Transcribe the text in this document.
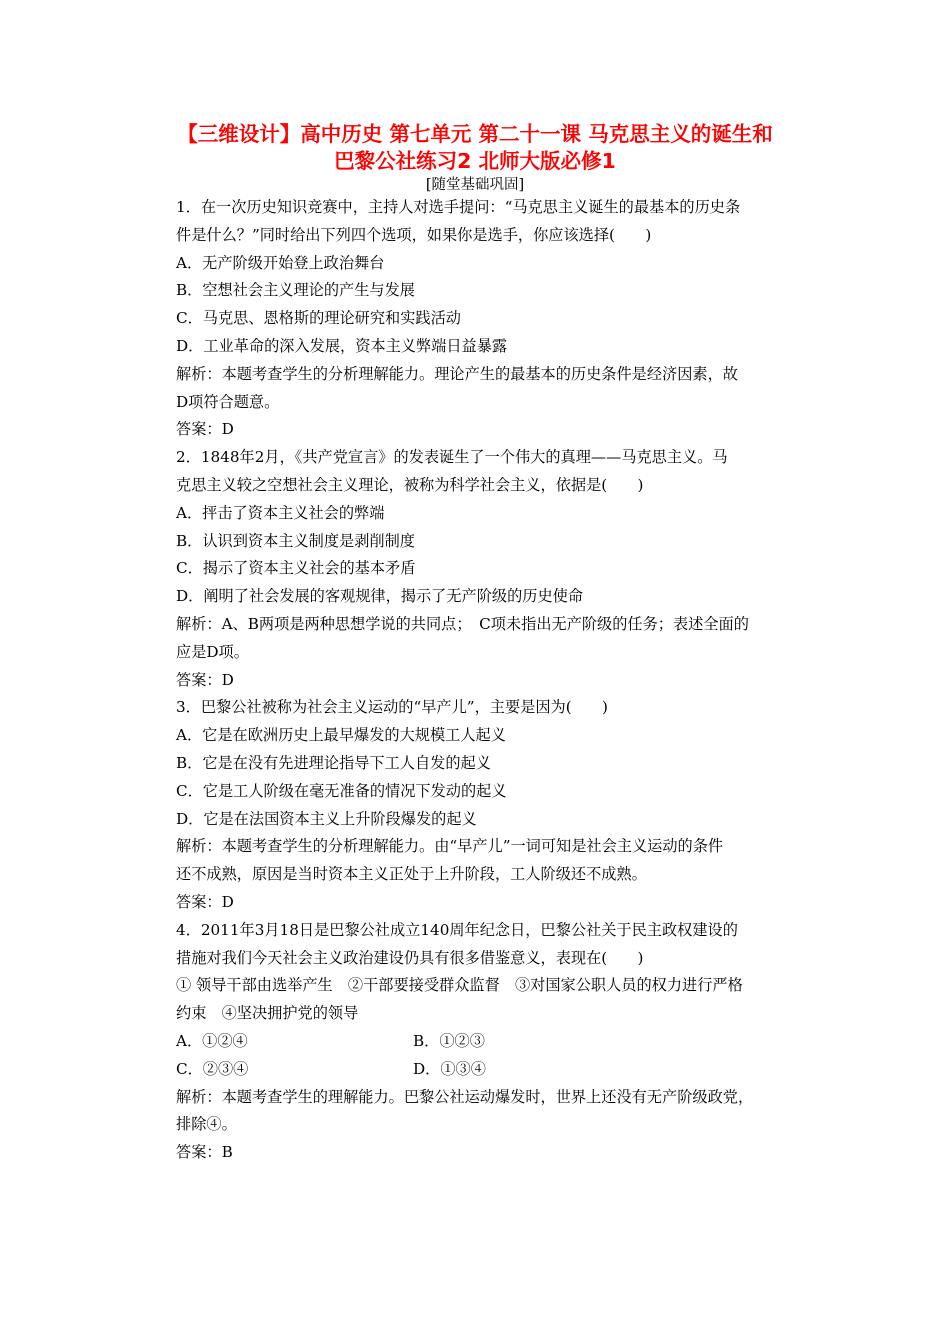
【三维设计】高中历史 第七单元 第二十一课 马克思主义的诞生和
巴黎公社练习2 北师大版必修1
[随堂基础巩固]
1．在一次历史知识竞赛中，主持人对选手提问：“马克思主义诞生的最基本的历史条
件是什么？”同时给出下列四个选项，如果你是选手，你应该选择(　　)
A．无产阶级开始登上政治舞台
B．空想社会主义理论的产生与发展
C．马克思、恩格斯的理论研究和实践活动
D．工业革命的深入发展，资本主义弊端日益暴露
解析：本题考查学生的分析理解能力。理论产生的最基本的历史条件是经济因素，故
D项符合题意。
答案：D
2．1848年2月，《共产党宣言》的发表诞生了一个伟大的真理——马克思主义。马
克思主义较之空想社会主义理论，被称为科学社会主义，依据是(　　)
A．抨击了资本主义社会的弊端
B．认识到资本主义制度是剥削制度
C．揭示了资本主义社会的基本矛盾
D．阐明了社会发展的客观规律，揭示了无产阶级的历史使命
解析：A、B两项是两种思想学说的共同点；　C项未指出无产阶级的任务；表述全面的
应是D项。
答案：D
3．巴黎公社被称为社会主义运动的“早产儿”，主要是因为(　　)
A．它是在欧洲历史上最早爆发的大规模工人起义
B．它是在没有先进理论指导下工人自发的起义
C．它是工人阶级在毫无准备的情况下发动的起义
D．它是在法国资本主义上升阶段爆发的起义
解析：本题考查学生的分析理解能力。由“早产儿”一词可知是社会主义运动的条件
还不成熟，原因是当时资本主义正处于上升阶段，工人阶级还不成熟。
答案：D
4．2011年3月18日是巴黎公社成立140周年纪念日，巴黎公社关于民主政权建设的
措施对我们今天社会主义政治建设仍具有很多借鉴意义，表现在(　　)
① 领导干部由选举产生　②干部要接受群众监督　③对国家公职人员的权力进行严格
约束　④坚决拥护党的领导
A．①②④	B．①②③
C．②③④	D．①③④
解析：本题考查学生的理解能力。巴黎公社运动爆发时，世界上还没有无产阶级政党，
排除④。
答案：B
